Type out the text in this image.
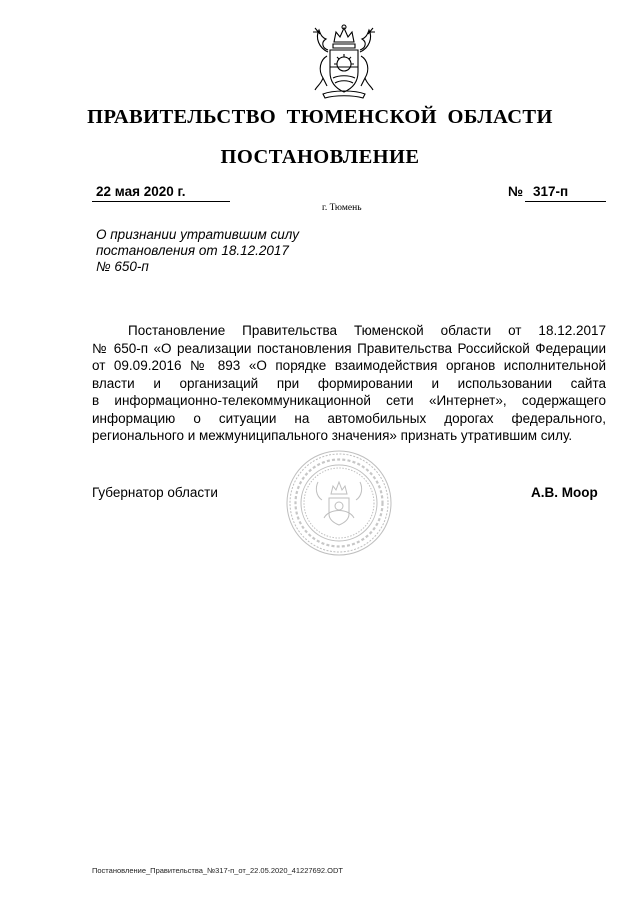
ПРАВИТЕЛЬСТВО ТЮМЕНСКОЙ ОБЛАСТИ
ПОСТАНОВЛЕНИЕ
22 мая 2020 г.	№ 317-п
г. Тюмень
О признании утратившим силу
постановления от 18.12.2017
№ 650-п
Постановление Правительства Тюменской области от 18.12.2017
№ 650-п «О реализации постановления Правительства Российской Федерации
от 09.09.2016 № 893 «О порядке взаимодействия органов исполнительной
власти и организаций при формировании и использовании сайта
в информационно-телекоммуникационной сети «Интернет», содержащего
информацию о ситуации на автомобильных дорогах федерального,
регионального и межмуниципального значения» признать утратившим силу.
Губернатор области	А.В. Моор
Постановление_Правительства_№317-п_от_22.05.2020_41227692.ODT
